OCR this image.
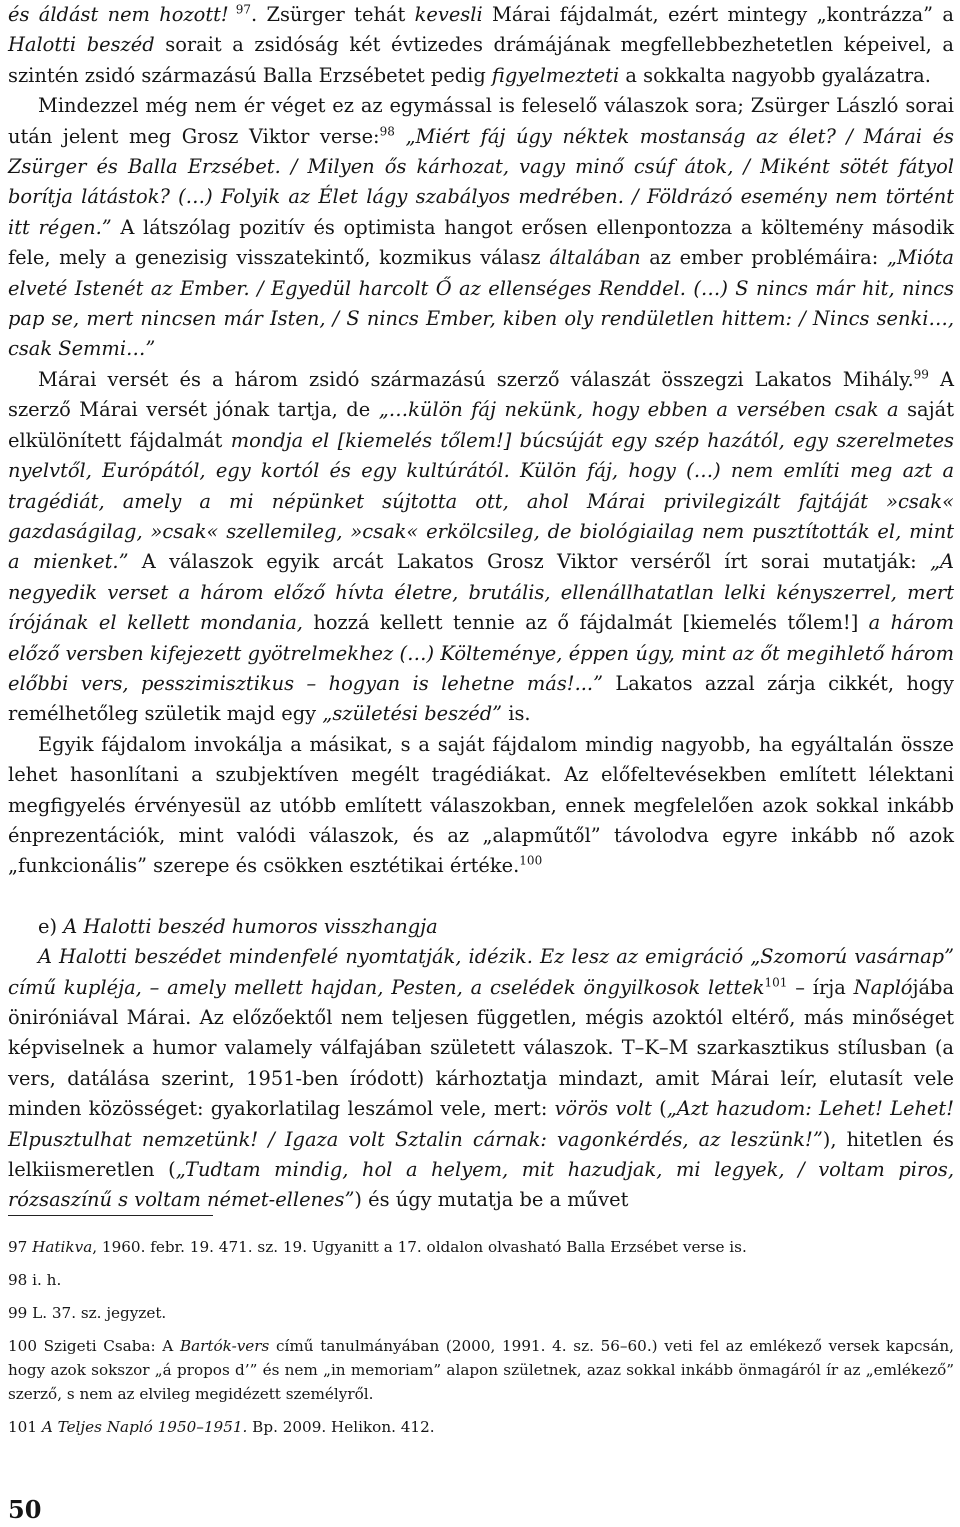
és áldást nem hozott! $^{97}$. Zsürger tehát kevesli Márai fájdalmát, ezért mintegy „kontrázza” a Halotti beszéd sorait a zsidóság két évtizedes drámájának megfellebbezhetetlen képeivel, a szintén zsidó származású Balla Erzsébetet pedig figyelmezteti a sokkalta nagyobb gyalázatra.

Mindezzel még nem ér véget ez az egymással is feleselő válaszok sora; Zsürger László sorai után jelent meg Grosz Viktor verse:$^{98}$ „Miért fáj úgy néktek mostanság az élet? / Márai és Zsürger és Balla Erzsébet. / Milyen ős kárhozat, vagy minő csúf átok, / Miként sötét fátyol borítja látástok? (…) Folyik az Élet lágy szabályos medrében. / Földrázó esemény nem történt itt régen.” A látszólag pozitív és optimista hangot erősen ellenpontozza a költemény második fele, mely a genezisig visszatekintő, kozmikus válasz általában az ember problémáira: „Mióta elveté Istenét az Ember. / Egyedül harcolt Ő az ellenséges Renddel. (…) S nincs már hit, nincs pap se, mert nincsen már Isten, / S nincs Ember, kiben oly rendületlen hittem: / Nincs senki…, csak Semmi…”

Márai versét és a három zsidó származású szerző válaszát összegzi Lakatos Mihály.$^{99}$ A szerző Márai versét jónak tartja, de „…külön fáj nekünk, hogy ebben a versében csak a saját elkülönített fájdalmát mondja el [kiemelés tőlem!] búcsúját egy szép hazától, egy szerelmetes nyelvtől, Európától, egy kortól és egy kultúrától. Külön fáj, hogy (…) nem említi meg azt a tragédiát, amely a mi népünket sújtotta ott, ahol Márai privilegizált fajtáját »csak« gazdaságilag, »csak« szellemileg, »csak« erkölcsileg, de biológiailag nem pusztították el, mint a mienket.” A válaszok egyik arcát Lakatos Grosz Viktor verséről írt sorai mutatják: „A negyedik verset a három előző hívta életre, brutális, ellenállhatatlan lelki kényszerrel, mert írójának el kellett mondania, hozzá kellett tennie az ő fájdalmát [kiemelés tőlem!] a három előző versben kifejezett gyötrelmekhez (…) Költeménye, éppen úgy, mint az őt megihlető három előbbi vers, pesszimisztikus – hogyan is lehetne más!...” Lakatos azzal zárja cikkét, hogy remélhetőleg születik majd egy „születési beszéd” is.

Egyik fájdalom invokálja a másikat, s a saját fájdalom mindig nagyobb, ha egyáltalán össze lehet hasonlítani a szubjektíven megélt tragédiákat. Az előfeltevésekben említett lélektani megfigyelés érvényesül az utóbb említett válaszokban, ennek megfelelően azok sokkal inkább énprezentációk, mint valódi válaszok, és az „alapműtől” távolodva egyre inkább nő azok „funkcionális” szerepe és csökken esztétikai értéke.$^{100}$

e) A Halotti beszéd humoros visszhangja

A Halotti beszédet mindenfelé nyomtatják, idézik. Ez lesz az emigráció „Szomorú vasárnap” című kupléja, – amely mellett hajdan, Pesten, a cselédek öngyilkosok lettek$^{101}$ – írja Naplójába öniróniával Márai. Az előzőektől nem teljesen független, mégis azoktól eltérő, más minőséget képviselnek a humor valamely válfajában született válaszok. T–K–M szarkasztikus stílusban (a vers, datálása szerint, 1951-ben íródott) kárhoztatja mindazt, amit Márai leír, elutasít vele minden közösséget: gyakorlatilag leszámol vele, mert: vörös volt („Azt hazudom: Lehet! Lehet! Elpusztulhat nemzetünk! / Igaza volt Sztalin cárnak: vagonkérdés, az leszünk!”), hitetlen és lelkiismeretlen („Tudtam mindig, hol a helyem, mit hazudjak, mi legyek, / voltam piros, rózsaszínű s voltam német-ellenes”) és úgy mutatja be a művet

97 Hatikva, 1960. febr. 19. 471. sz. 19. Ugyanitt a 17. oldalon olvasható Balla Erzsébet verse is.

98 i. h.

99 L. 37. sz. jegyzet.

100 Szigeti Csaba: A Bartók-vers című tanulmányában (2000, 1991. 4. sz. 56–60.) veti fel az emlékező versek kapcsán, hogy azok sokszor „á propos d’” és nem „in memoriam” alapon születnek, azaz sokkal inkább önmagáról ír az „emlékező” szerző, s nem az elvileg megidézett személyről.

101 A Teljes Napló 1950–1951. Bp. 2009. Helikon. 412.

50
